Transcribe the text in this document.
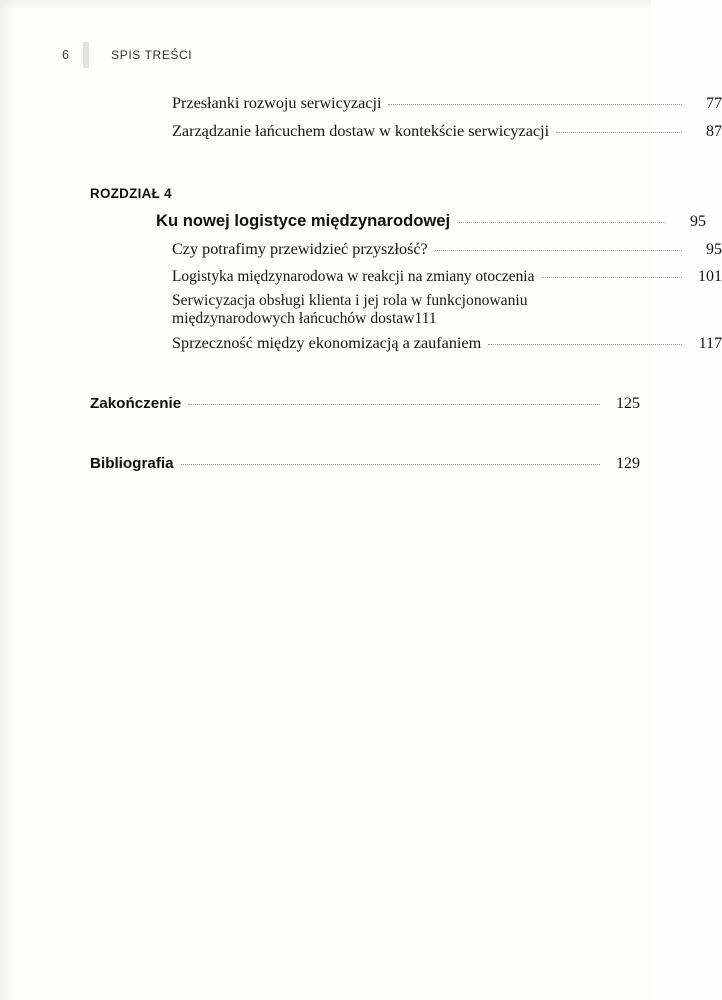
6	SPIS TREŚCI
Przesłanki rozwoju serwicyzacji	77
Zarządzanie łańcuchem dostaw w kontekście serwicyzacji	87
ROZDZIAŁ 4
Ku nowej logistyce międzynarodowej	95
Czy potrafimy przewidzieć przyszłość?	95
Logistyka międzynarodowa w reakcji na zmiany otoczenia	101
Serwicyzacja obsługi klienta i jej rola w funkcjonowaniu
międzynarodowych łańcuchów dostaw 111
Sprzeczność między ekonomizacją a zaufaniem	117
Zakończenie	125
Bibliografia	129
